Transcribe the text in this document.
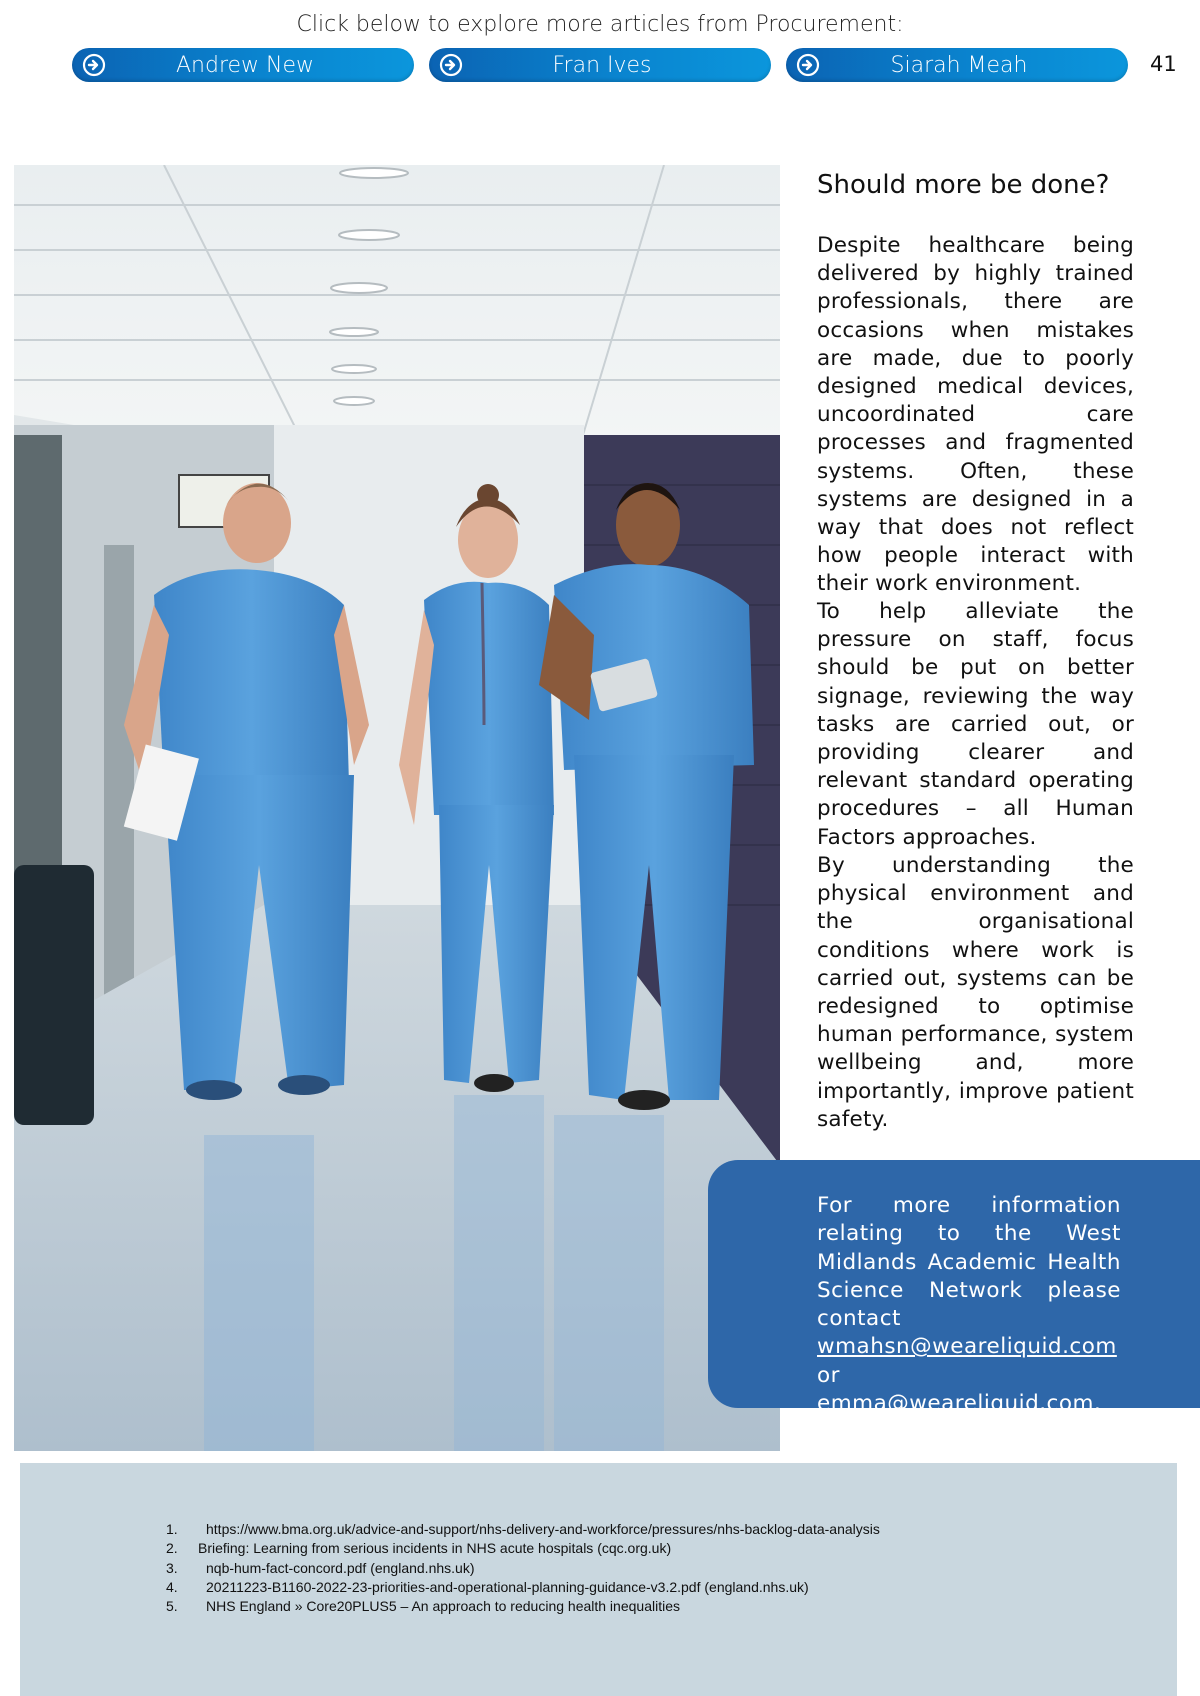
Click below to explore more articles from Procurement:
Andrew New	Fran Ives	Siarah Meah	41
Should more be done?
Despite healthcare being delivered by highly trained professionals, there are occasions when mistakes are made, due to poorly designed medical devices, uncoordinated care processes and fragmented systems. Often, these systems are designed in a way that does not reflect how people interact with their work environment.
To help alleviate the pressure on staff, focus should be put on better signage, reviewing the way tasks are carried out, or providing clearer and relevant standard operating procedures – all Human Factors approaches.
By understanding the physical environment and the organisational conditions where work is carried out, systems can be redesigned to optimise human performance, system wellbeing and, more importantly, improve patient safety.
For more information relating to the West Midlands Academic Health Science Network please contact wmahsn@weareliquid.com or emma@weareliquid.com.
1.	https://www.bma.org.uk/advice-and-support/nhs-delivery-and-workforce/pressures/nhs-backlog-data-analysis
2.	Briefing: Learning from serious incidents in NHS acute hospitals (cqc.org.uk)
3.	nqb-hum-fact-concord.pdf (england.nhs.uk)
4.	20211223-B1160-2022-23-priorities-and-operational-planning-guidance-v3.2.pdf (england.nhs.uk)
5.	NHS England » Core20PLUS5 – An approach to reducing health inequalities
